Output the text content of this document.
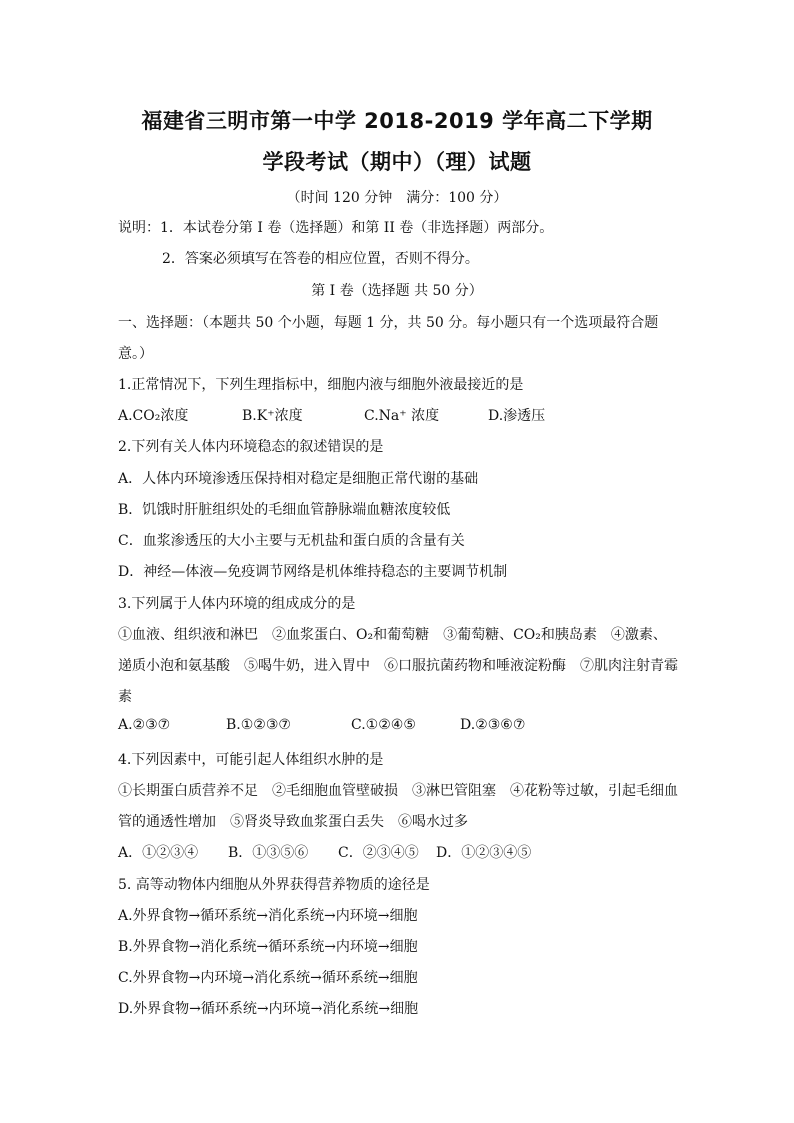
福建省三明市第一中学 2018-2019 学年高二下学期
学段考试（期中）（理）试题
（时间 120 分钟　满分：100 分）
说明：1．本试卷分第 I 卷（选择题）和第 II 卷（非选择题）两部分。
2．答案必须填写在答卷的相应位置，否则不得分。
第 I 卷（选择题 共 50 分）
一、选择题：（本题共 50 个小题，每题 1 分，共 50 分。每小题只有一个选项最符合题
意。）
1.正常情况下，下列生理指标中，细胞内液与细胞外液最接近的是
A.CO₂浓度	B.K⁺浓度	C.Na⁺ 浓度	D.渗透压
2.下列有关人体内环境稳态的叙述错误的是
A．人体内环境渗透压保持相对稳定是细胞正常代谢的基础
B．饥饿时肝脏组织处的毛细血管静脉端血糖浓度较低
C．血浆渗透压的大小主要与无机盐和蛋白质的含量有关
D．神经—体液—免疫调节网络是机体维持稳态的主要调节机制
3.下列属于人体内环境的组成成分的是
①血液、组织液和淋巴　②血浆蛋白、O₂和葡萄糖　③葡萄糖、CO₂和胰岛素　④激素、
递质小泡和氨基酸　⑤喝牛奶，进入胃中　⑥口服抗菌药物和唾液淀粉酶　⑦肌肉注射青霉
素
A.②③⑦	B.①②③⑦	C.①②④⑤	D.②③⑥⑦
4.下列因素中，可能引起人体组织水肿的是
①长期蛋白质营养不足　②毛细胞血管壁破损　③淋巴管阻塞　④花粉等过敏，引起毛细血
管的通透性增加　⑤肾炎导致血浆蛋白丢失　⑥喝水过多
A．①②③④ B．①③⑤⑥ C．②③④⑤ D．①②③④⑤
5. 高等动物体内细胞从外界获得营养物质的途径是
A.外界食物→循环系统→消化系统→内环境→细胞
B.外界食物→消化系统→循环系统→内环境→细胞
C.外界食物→内环境→消化系统→循环系统→细胞
D.外界食物→循环系统→内环境→消化系统→细胞
